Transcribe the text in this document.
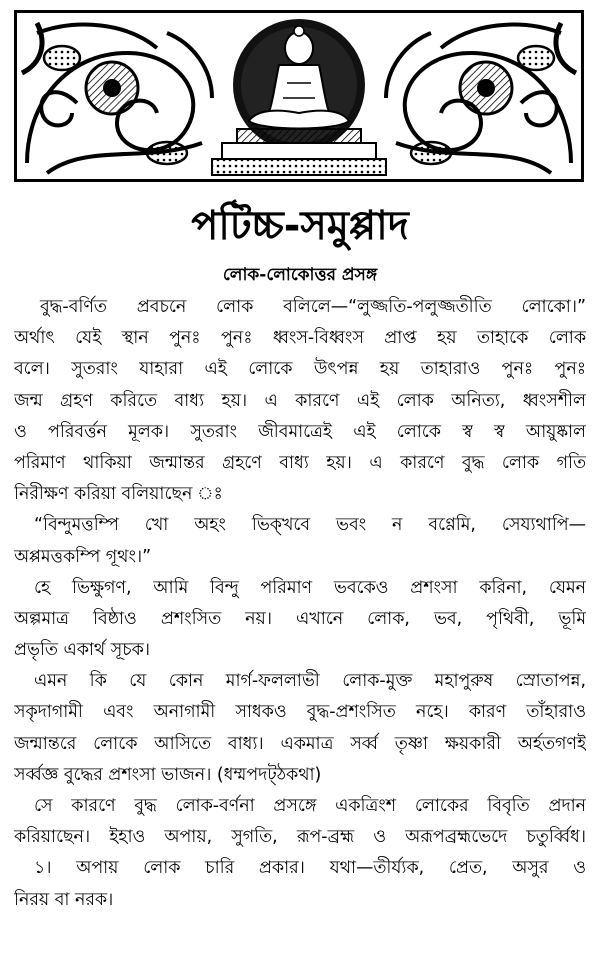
পটিচ্চ-সমুপ্পাদ
লোক-লোকোত্তর প্রসঙ্গ
বুদ্ধ-বর্ণিত প্রবচনে লোক বলিলে—“লুজ্জতি-পলুজ্জতীতি লোকো।”
অর্থাৎ যেই স্থান পুনঃ পুনঃ ধ্বংস-বিধ্বংস প্রাপ্ত হয় তাহাকে লোক
বলে। সুতরাং যাহারা এই লোকে উৎপন্ন হয় তাহারাও পুনঃ পুনঃ
জন্ম গ্রহণ করিতে বাধ্য হয়। এ কারণে এই লোক অনিত্য, ধ্বংসশীল
ও পরিবর্ত্তন মূলক। সুতরাং জীবমাত্রেই এই লোকে স্ব স্ব আয়ুষ্কাল
পরিমাণ থাকিয়া জন্মান্তর গ্রহণে বাধ্য হয়। এ কারণে বুদ্ধ লোক গতি
নিরীক্ষণ করিয়া বলিয়াছেন ঃ
“বিন্দুমত্তম্পি খো অহং ভিক্খবে ভবং ন বণ্ণেমি, সেয্যথাপি—
অপ্পমত্তকম্পি গূথং।”
হে ভিক্ষুগণ, আমি বিন্দু পরিমাণ ভবকেও প্রশংসা করিনা, যেমন
অল্পমাত্র বিষ্ঠাও প্রশংসিত নয়। এখানে লোক, ভব, পৃথিবী, ভূমি
প্রভৃতি একার্থ সূচক।
এমন কি যে কোন মার্গ-ফললাভী লোক-মুক্ত মহাপুরুষ স্রোতাপন্ন,
সকৃদাগামী এবং অনাগামী সাধকও বুদ্ধ-প্রশংসিত নহে। কারণ তাঁহারাও
জন্মান্তরে লোকে আসিতে বাধ্য। একমাত্র সর্ব্ব তৃষ্ণা ক্ষয়কারী অর্হতগণই
সর্ব্বজ্ঞ বুদ্ধের প্রশংসা ভাজন। (ধম্মপদট্ঠকথা)
সে কারণে বুদ্ধ লোক-বর্ণনা প্রসঙ্গে একত্রিংশ লোকের বিবৃতি প্রদান
করিয়াছেন। ইহাও অপায়, সুগতি, রূপ-ব্রহ্ম ও অরূপব্রহ্মভেদে চতুর্ব্বিধ।
১। অপায় লোক চারি প্রকার। যথা—তীর্য্যক, প্রেত, অসুর ও
নিরয় বা নরক।
